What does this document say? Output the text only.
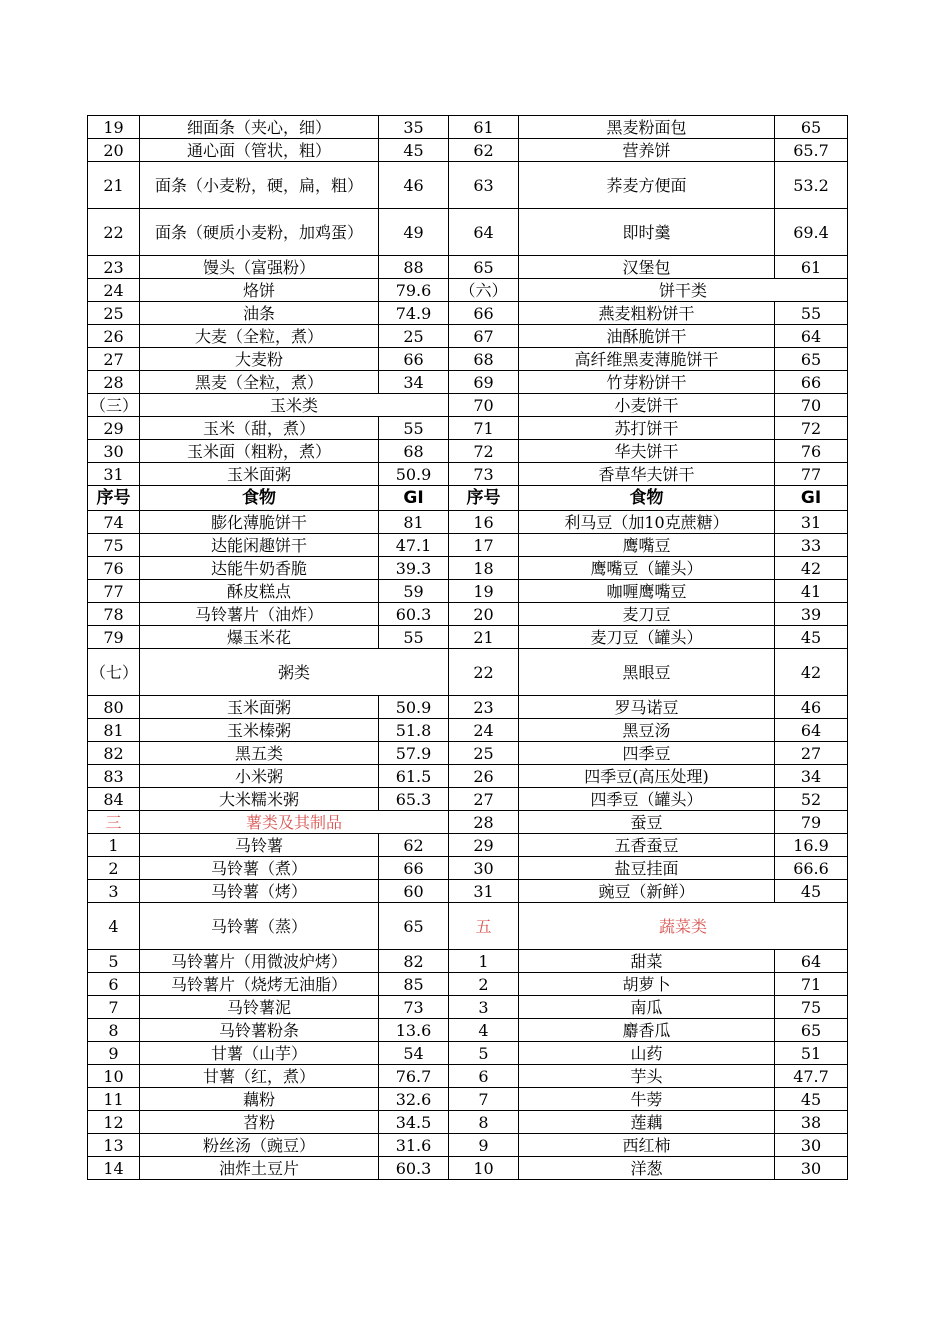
19	细面条（夹心，细）	35	61	黑麦粉面包	65
20	通心面（管状，粗）	45	62	营养饼	65.7
21	面条（小麦粉，硬，扁，粗）	46	63	荞麦方便面	53.2
22	面条（硬质小麦粉，加鸡蛋）	49	64	即时羹	69.4
23	馒头（富强粉）	88	65	汉堡包	61
24	烙饼	79.6	（六）	饼干类	
25	油条	74.9	66	燕麦粗粉饼干	55
26	大麦（全粒，煮）	25	67	油酥脆饼干	64
27	大麦粉	66	68	高纤维黑麦薄脆饼干	65
28	黑麦（全粒，煮）	34	69	竹芽粉饼干	66
（三）	玉米类		70	小麦饼干	70
29	玉米（甜，煮）	55	71	苏打饼干	72
30	玉米面（粗粉，煮）	68	72	华夫饼干	76
31	玉米面粥	50.9	73	香草华夫饼干	77
序号	食物	GI	序号	食物	GI
74	膨化薄脆饼干	81	16	利马豆（加10克蔗糖）	31
75	达能闲趣饼干	47.1	17	鹰嘴豆	33
76	达能牛奶香脆	39.3	18	鹰嘴豆（罐头）	42
77	酥皮糕点	59	19	咖喱鹰嘴豆	41
78	马铃薯片（油炸）	60.3	20	麦刀豆	39
79	爆玉米花	55	21	麦刀豆（罐头）	45
（七）	粥类		22	黑眼豆	42
80	玉米面粥	50.9	23	罗马诺豆	46
81	玉米榛粥	51.8	24	黑豆汤	64
82	黑五类	57.9	25	四季豆	27
83	小米粥	61.5	26	四季豆(高压处理)	34
84	大米糯米粥	65.3	27	四季豆（罐头）	52
三	薯类及其制品		28	蚕豆	79
1	马铃薯	62	29	五香蚕豆	16.9
2	马铃薯（煮）	66	30	盐豆挂面	66.6
3	马铃薯（烤）	60	31	豌豆（新鲜）	45
4	马铃薯（蒸）	65	五	蔬菜类	
5	马铃薯片（用微波炉烤）	82	1	甜菜	64
6	马铃薯片（烧烤无油脂）	85	2	胡萝卜	71
7	马铃薯泥	73	3	南瓜	75
8	马铃薯粉条	13.6	4	麝香瓜	65
9	甘薯（山芋）	54	5	山药	51
10	甘薯（红，煮）	76.7	6	芋头	47.7
11	藕粉	32.6	7	牛蒡	45
12	苕粉	34.5	8	莲藕	38
13	粉丝汤（豌豆）	31.6	9	西红柿	30
14	油炸土豆片	60.3	10	洋葱	30
